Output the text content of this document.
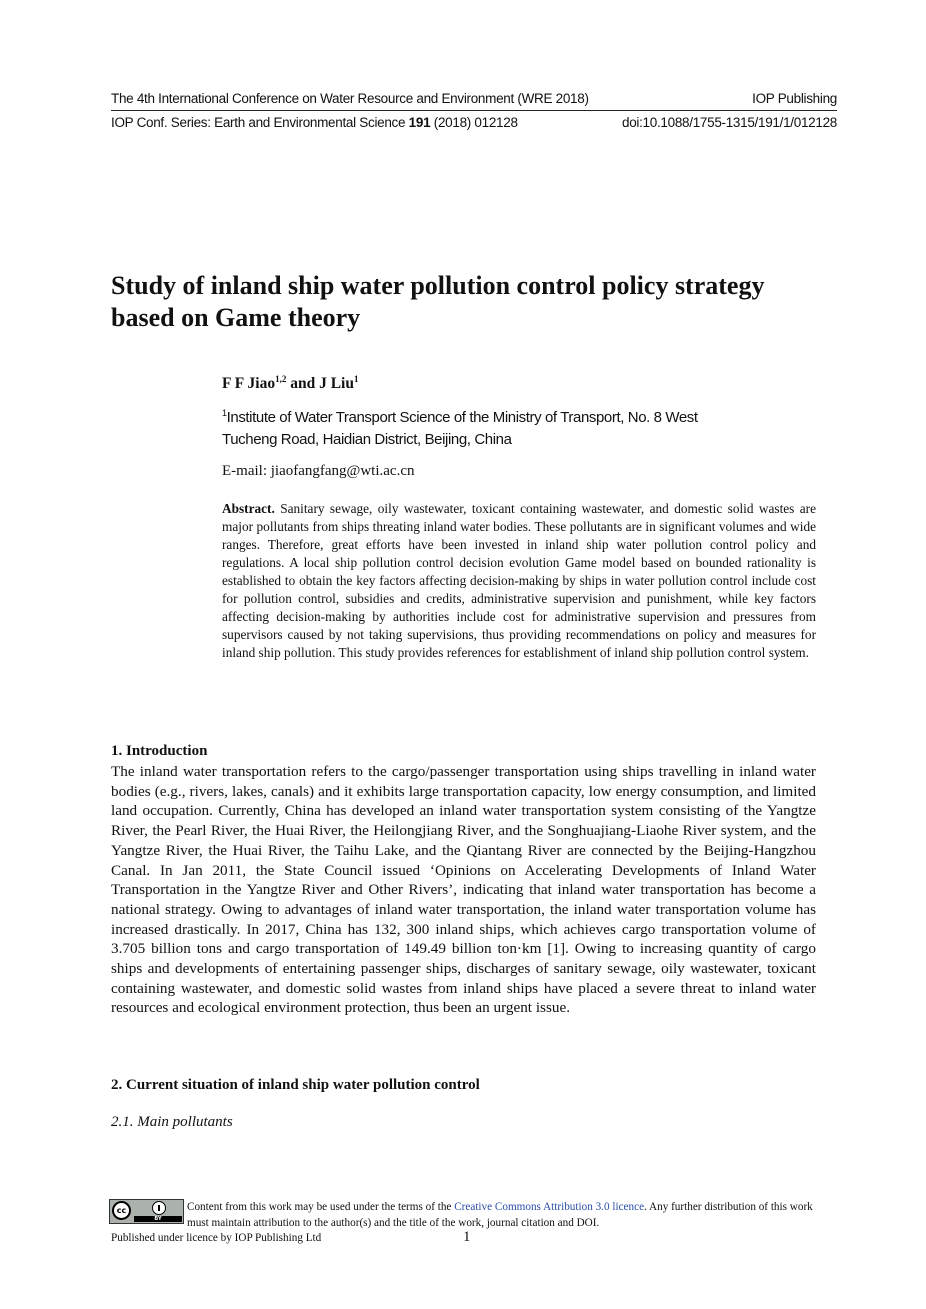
The 4th International Conference on Water Resource and Environment (WRE 2018)	IOP Publishing
IOP Conf. Series: Earth and Environmental Science 191 (2018) 012128	doi:10.1088/1755-1315/191/1/012128
Study of inland ship water pollution control policy strategy
based on Game theory
F F Jiao$^{1,2}$ and J Liu$^1$
$^1$Institute of Water Transport Science of the Ministry of Transport, No. 8 West
Tucheng Road, Haidian District, Beijing, China
E-mail: jiaofangfang@wti.ac.cn
Abstract. Sanitary sewage, oily wastewater, toxicant containing wastewater, and domestic solid wastes are major pollutants from ships threating inland water bodies. These pollutants are in significant volumes and wide ranges. Therefore, great efforts have been invested in inland ship water pollution control policy and regulations. A local ship pollution control decision evolution Game model based on bounded rationality is established to obtain the key factors affecting decision-making by ships in water pollution control include cost for pollution control, subsidies and credits, administrative supervision and punishment, while key factors affecting decision-making by authorities include cost for administrative supervision and pressures from supervisors caused by not taking supervisions, thus providing recommendations on policy and measures for inland ship pollution. This study provides references for establishment of inland ship pollution control system.
1. Introduction
The inland water transportation refers to the cargo/passenger transportation using ships travelling in inland water bodies (e.g., rivers, lakes, canals) and it exhibits large transportation capacity, low energy consumption, and limited land occupation. Currently, China has developed an inland water transportation system consisting of the Yangtze River, the Pearl River, the Huai River, the Heilongjiang River, and the Songhuajiang-Liaohe River system, and the Yangtze River, the Huai River, the Taihu Lake, and the Qiantang River are connected by the Beijing-Hangzhou Canal. In Jan 2011, the State Council issued ‘Opinions on Accelerating Developments of Inland Water Transportation in the Yangtze River and Other Rivers’, indicating that inland water transportation has become a national strategy. Owing to advantages of inland water transportation, the inland water transportation volume has increased drastically. In 2017, China has 132, 300 inland ships, which achieves cargo transportation volume of 3.705 billion tons and cargo transportation of 149.49 billion ton·km [1]. Owing to increasing quantity of cargo ships and developments of entertaining passenger ships, discharges of sanitary sewage, oily wastewater, toxicant containing wastewater, and domestic solid wastes from inland ships have placed a severe threat to inland water resources and ecological environment protection, thus been an urgent issue.
2. Current situation of inland ship water pollution control
2.1. Main pollutants
cc
BY
Content from this work may be used under the terms of the Creative Commons Attribution 3.0 licence. Any further distribution of this work must maintain attribution to the author(s) and the title of the work, journal citation and DOI.
Published under licence by IOP Publishing Ltd	1
